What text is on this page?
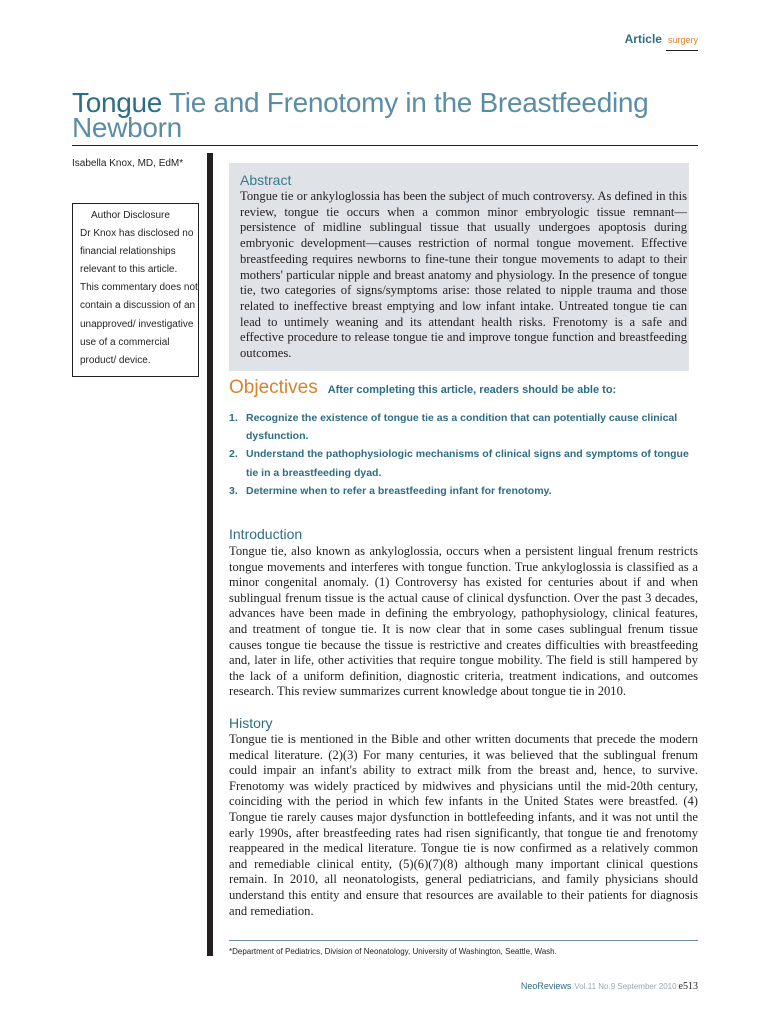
Article surgery
Tongue Tie and Frenotomy in the Breastfeeding Newborn
Isabella Knox, MD, EdM*
Author Disclosure
Dr Knox has disclosed no financial relationships relevant to this article. This commentary does not contain a discussion of an unapproved/ investigative use of a commercial product/ device.
Abstract
Tongue tie or ankyloglossia has been the subject of much controversy. As defined in this review, tongue tie occurs when a common minor embryologic tissue remnant—persistence of midline sublingual tissue that usually undergoes apoptosis during embryonic development—causes restriction of normal tongue movement. Effective breastfeeding requires newborns to fine-tune their tongue movements to adapt to their mothers' particular nipple and breast anatomy and physiology. In the presence of tongue tie, two categories of signs/symptoms arise: those related to nipple trauma and those related to ineffective breast emptying and low infant intake. Untreated tongue tie can lead to untimely weaning and its attendant health risks. Frenotomy is a safe and effective procedure to release tongue tie and improve tongue function and breastfeeding outcomes.
Objectives After completing this article, readers should be able to:
1. Recognize the existence of tongue tie as a condition that can potentially cause clinical dysfunction.
2. Understand the pathophysiologic mechanisms of clinical signs and symptoms of tongue tie in a breastfeeding dyad.
3. Determine when to refer a breastfeeding infant for frenotomy.
Introduction
Tongue tie, also known as ankyloglossia, occurs when a persistent lingual frenum restricts tongue movements and interferes with tongue function. True ankyloglossia is classified as a minor congenital anomaly. (1) Controversy has existed for centuries about if and when sublingual frenum tissue is the actual cause of clinical dysfunction. Over the past 3 decades, advances have been made in defining the embryology, pathophysiology, clinical features, and treatment of tongue tie. It is now clear that in some cases sublingual frenum tissue causes tongue tie because the tissue is restrictive and creates difficulties with breastfeeding and, later in life, other activities that require tongue mobility. The field is still hampered by the lack of a uniform definition, diagnostic criteria, treatment indications, and outcomes research. This review summarizes current knowledge about tongue tie in 2010.
History
Tongue tie is mentioned in the Bible and other written documents that precede the modern medical literature. (2)(3) For many centuries, it was believed that the sublingual frenum could impair an infant's ability to extract milk from the breast and, hence, to survive. Frenotomy was widely practiced by midwives and physicians until the mid-20th century, coinciding with the period in which few infants in the United States were breastfed. (4) Tongue tie rarely causes major dysfunction in bottlefeeding infants, and it was not until the early 1990s, after breastfeeding rates had risen significantly, that tongue tie and frenotomy reappeared in the medical literature. Tongue tie is now confirmed as a relatively common and remediable clinical entity, (5)(6)(7)(8) although many important clinical questions remain. In 2010, all neonatologists, general pediatricians, and family physicians should understand this entity and ensure that resources are available to their patients for diagnosis and remediation.
*Department of Pediatrics, Division of Neonatology, University of Washington, Seattle, Wash.
NeoReviews Vol.11 No.9 September 2010 e513
